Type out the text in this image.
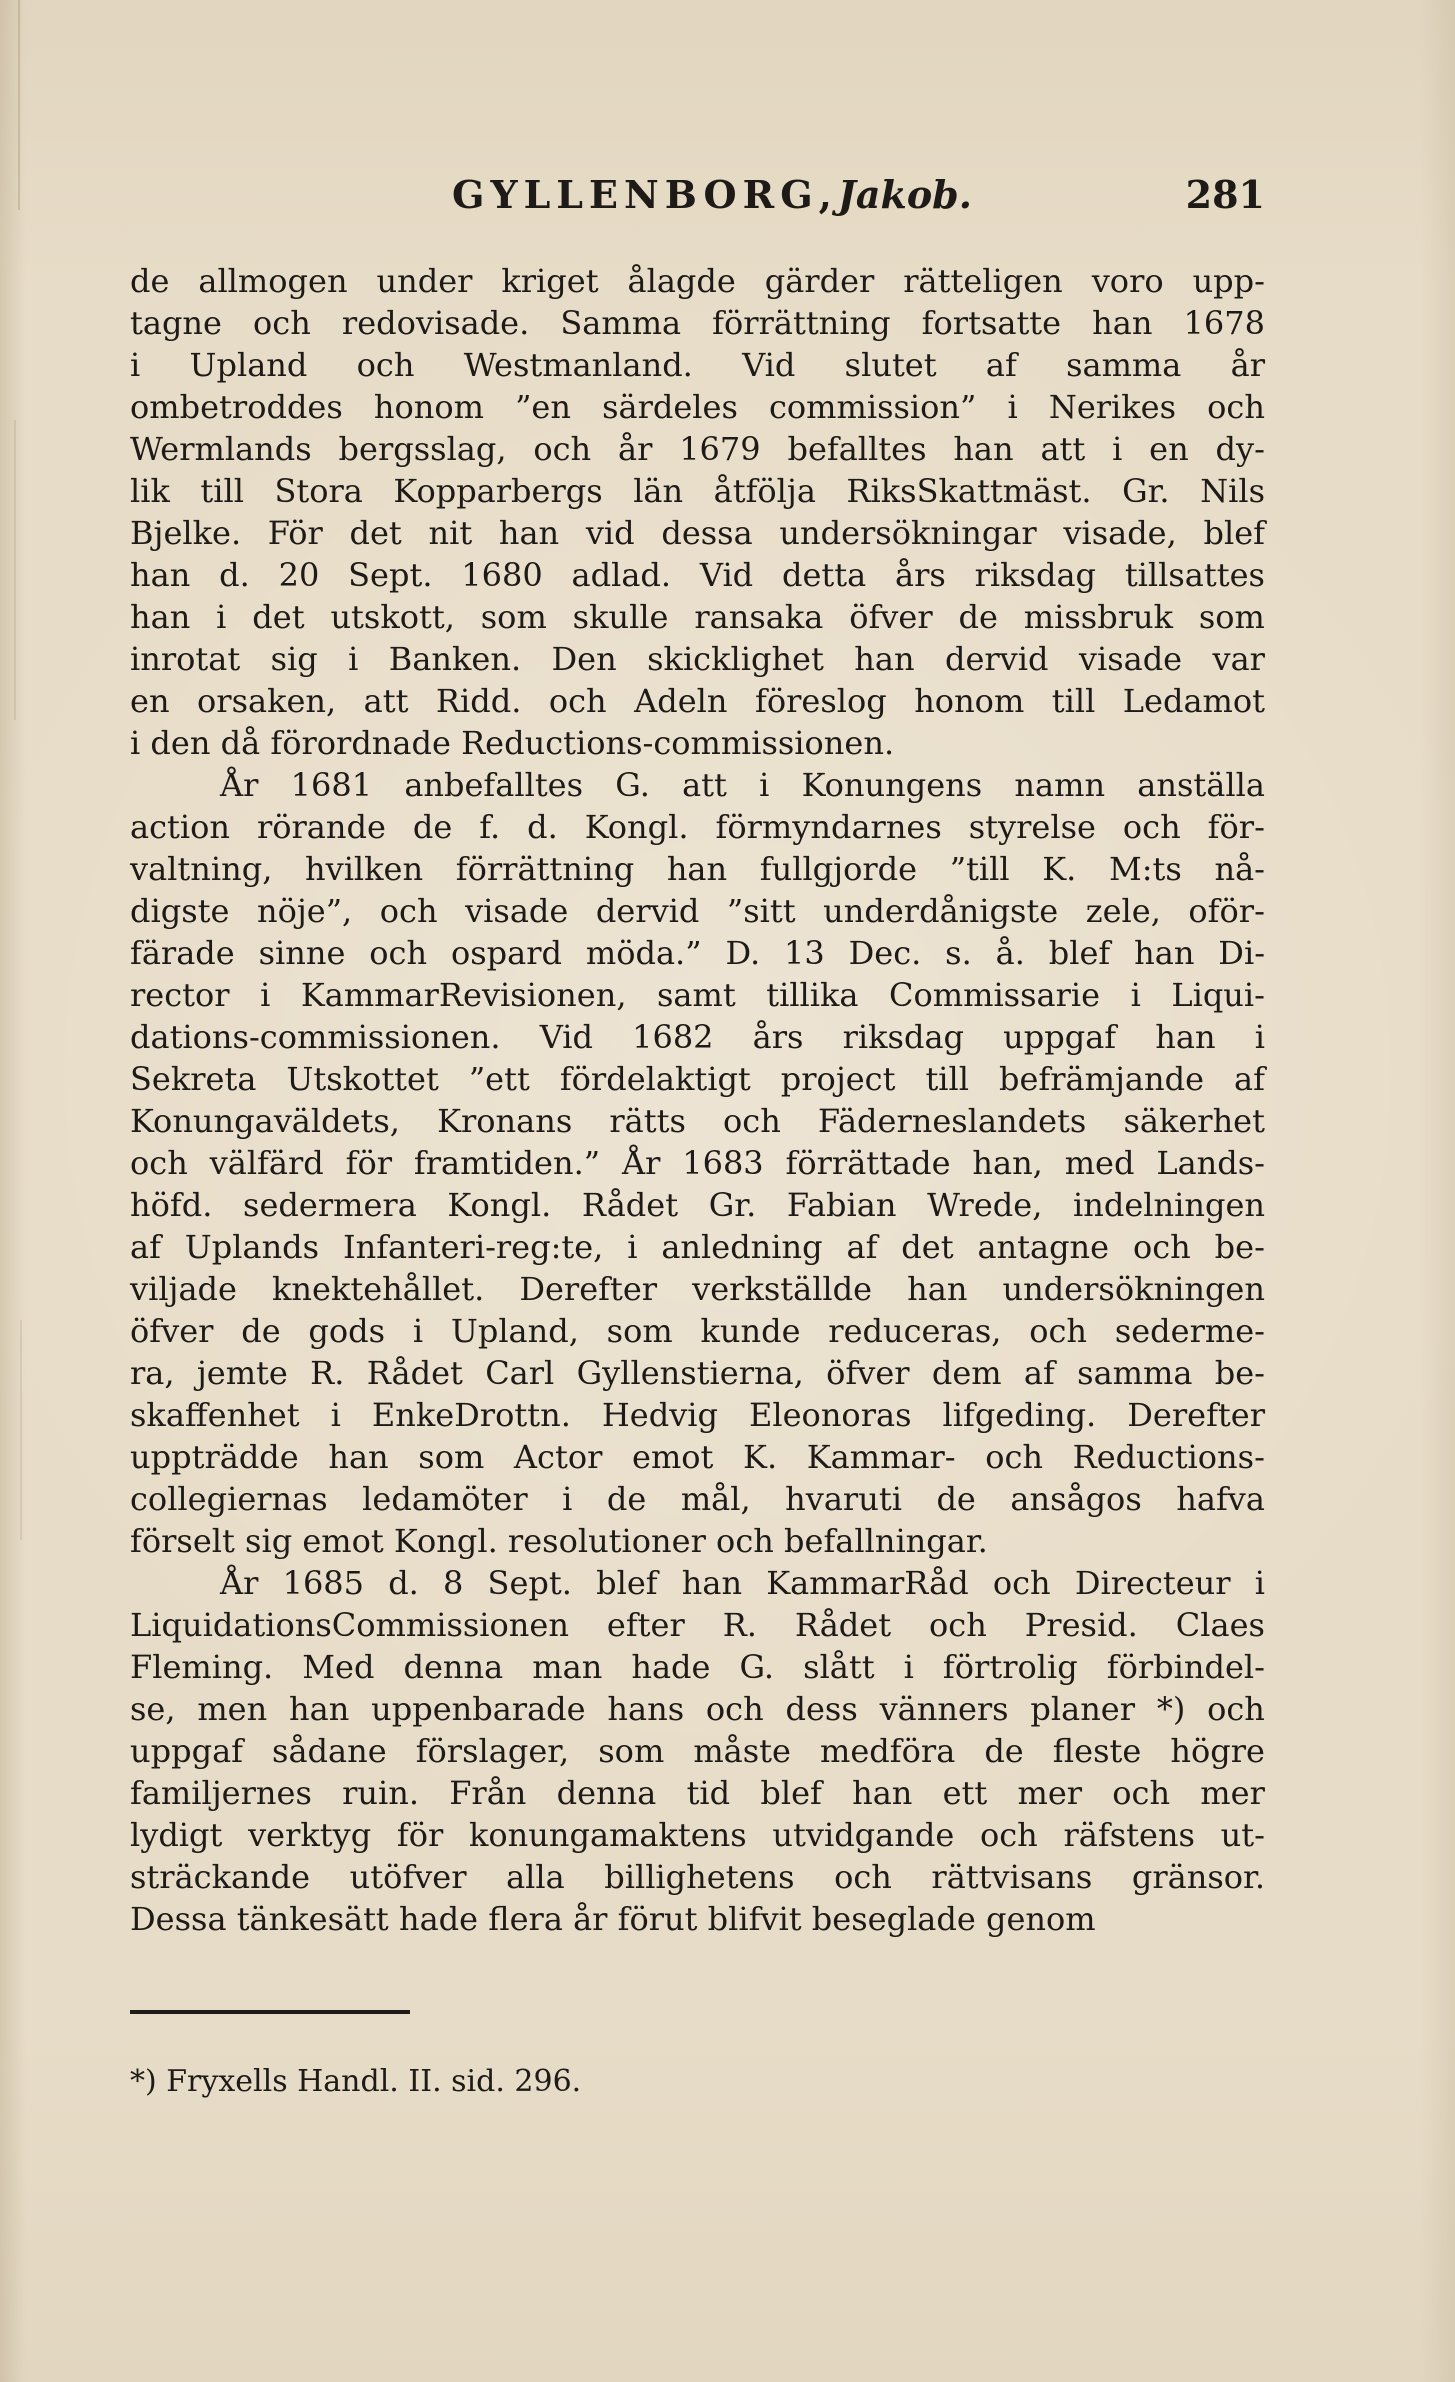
GYLLENBORG, Jakob.	281
de allmogen under kriget ålagde gärder rätteligen voro upp-
tagne och redovisade. Samma förrättning fortsatte han 1678
i Upland och Westmanland. Vid slutet af samma år
ombetroddes honom ”en särdeles commission” i Nerikes och
Wermlands bergsslag, och år 1679 befalltes han att i en dy-
lik till Stora Kopparbergs län åtfölja RiksSkattmäst. Gr. Nils
Bjelke. För det nit han vid dessa undersökningar visade, blef
han d. 20 Sept. 1680 adlad. Vid detta års riksdag tillsattes
han i det utskott, som skulle ransaka öfver de missbruk som
inrotat sig i Banken. Den skicklighet han dervid visade var
en orsaken, att Ridd. och Adeln föreslog honom till Ledamot
i den då förordnade Reductions-commissionen.
År 1681 anbefalltes G. att i Konungens namn anställa
action rörande de f. d. Kongl. förmyndarnes styrelse och för-
valtning, hvilken förrättning han fullgjorde ”till K. M:ts nå-
digste nöje”, och visade dervid ”sitt underdånigste zele, oför-
färade sinne och ospard möda.” D. 13 Dec. s. å. blef han Di-
rector i KammarRevisionen, samt tillika Commissarie i Liqui-
dations-commissionen. Vid 1682 års riksdag uppgaf han i
Sekreta Utskottet ”ett fördelaktigt project till befrämjande af
Konungaväldets, Kronans rätts och Fäderneslandets säkerhet
och välfärd för framtiden.” År 1683 förrättade han, med Lands-
höfd. sedermera Kongl. Rådet Gr. Fabian Wrede, indelningen
af Uplands Infanteri-reg:te, i anledning af det antagne och be-
viljade knektehållet. Derefter verkställde han undersökningen
öfver de gods i Upland, som kunde reduceras, och sederme-
ra, jemte R. Rådet Carl Gyllenstierna, öfver dem af samma be-
skaffenhet i EnkeDrottn. Hedvig Eleonoras lifgeding. Derefter
uppträdde han som Actor emot K. Kammar- och Reductions-
collegiernas ledamöter i de mål, hvaruti de ansågos hafva
förselt sig emot Kongl. resolutioner och befallningar.
År 1685 d. 8 Sept. blef han KammarRåd och Directeur i
LiquidationsCommissionen efter R. Rådet och Presid. Claes
Fleming. Med denna man hade G. slått i förtrolig förbindel-
se, men han uppenbarade hans och dess vänners planer *) och
uppgaf sådane förslager, som måste medföra de fleste högre
familjernes ruin. Från denna tid blef han ett mer och mer
lydigt verktyg för konungamaktens utvidgande och räfstens ut-
sträckande utöfver alla billighetens och rättvisans gränsor.
Dessa tänkesätt hade flera år förut blifvit beseglade genom
*) Fryxells Handl. II. sid. 296.
